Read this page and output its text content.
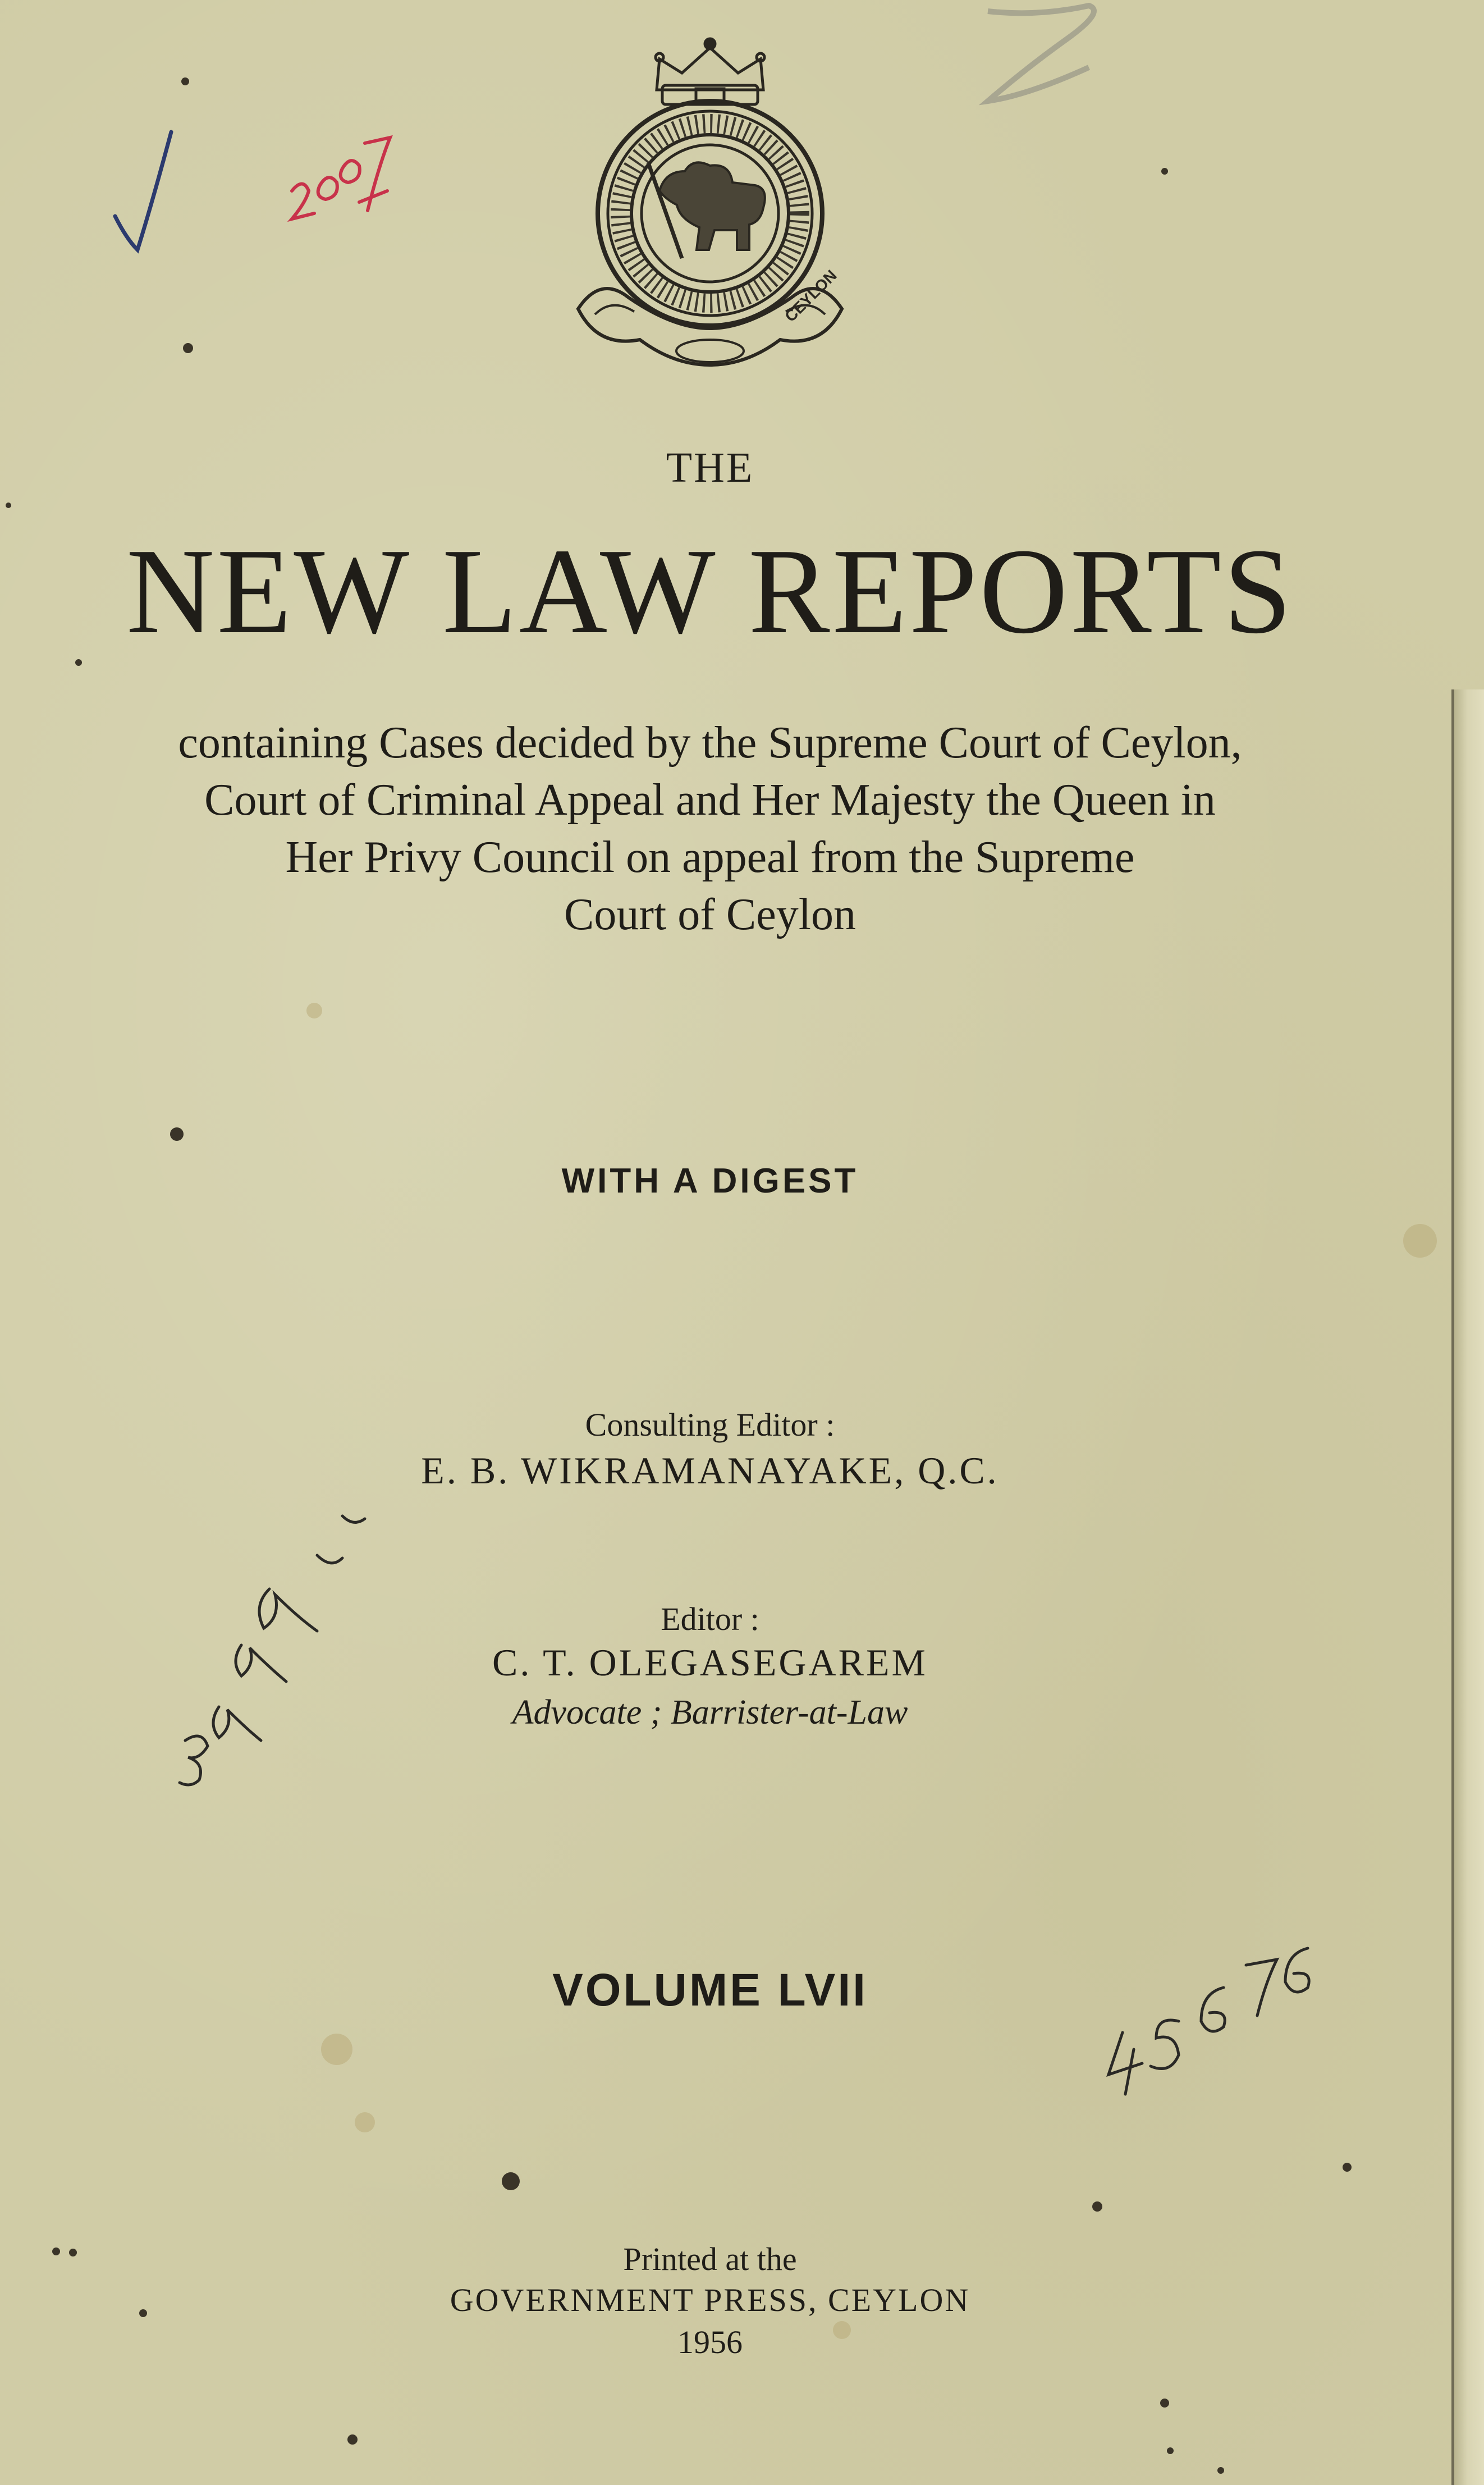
CEYLON
THE
NEW LAW REPORTS
containing Cases decided by the Supreme Court of Ceylon,
Court of Criminal Appeal and Her Majesty the Queen in
Her Privy Council on appeal from the Supreme
Court of Ceylon
WITH A DIGEST
Consulting Editor :
E. B. WIKRAMANAYAKE, Q.C.
Editor :
C. T. OLEGASEGAREM
Advocate ; Barrister-at-Law
VOLUME LVII
Printed at the
GOVERNMENT PRESS, CEYLON
1956
